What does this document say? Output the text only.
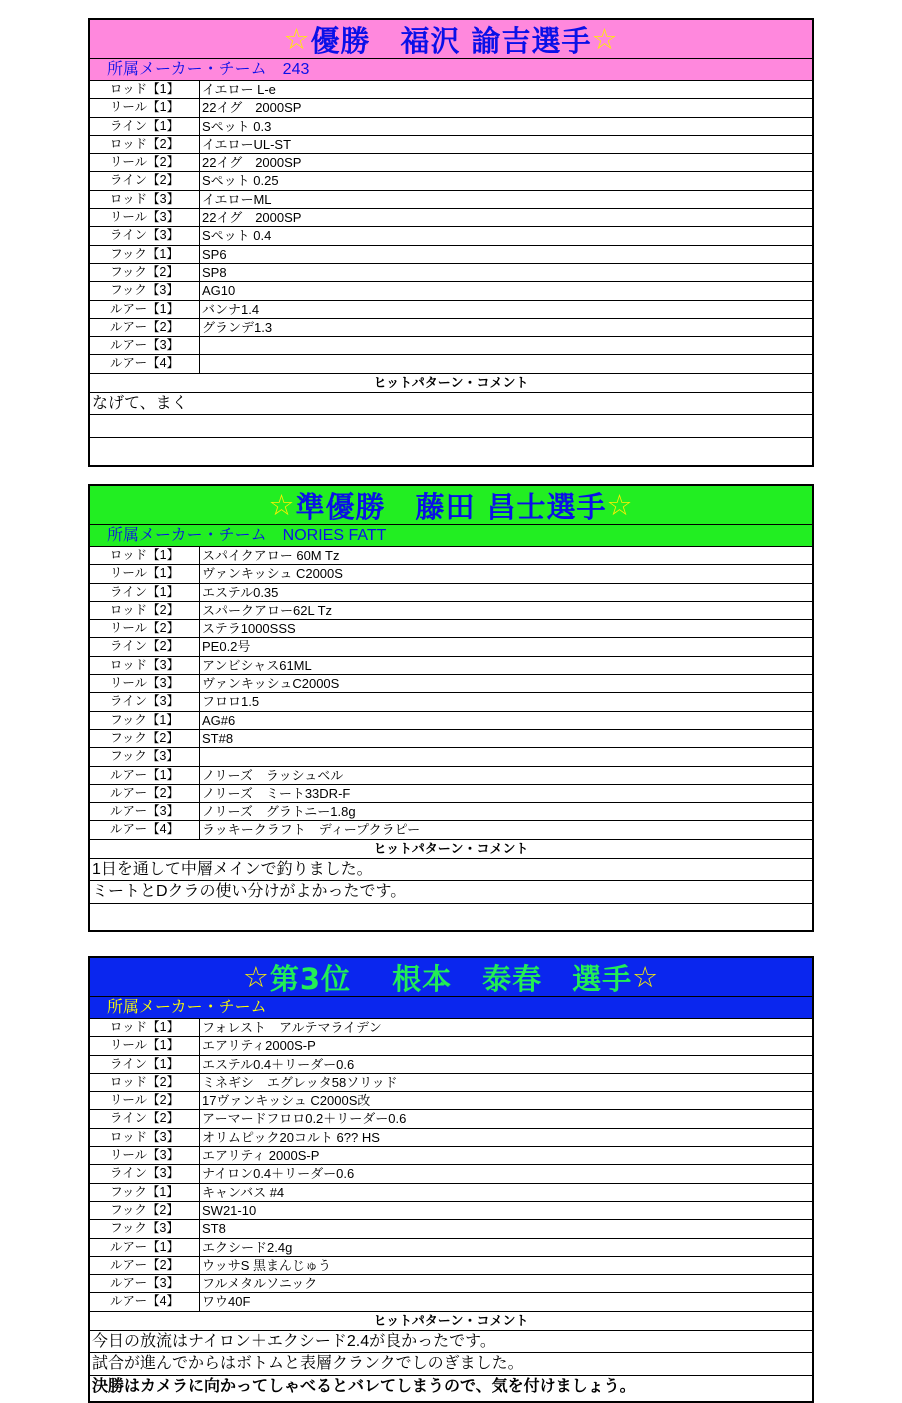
☆ 優勝　福沢 諭吉選手 ☆
所属メーカー・チーム　243
ロッド【1】	イエロー L-e
リール【1】	22イグ　2000SP
ライン【1】	Sペット 0.3
ロッド【2】	イエローUL-ST
リール【2】	22イグ　2000SP
ライン【2】	Sペット 0.25
ロッド【3】	イエローML
リール【3】	22イグ　2000SP
ライン【3】	Sペット 0.4
フック【1】	SP6
フック【2】	SP8
フック【3】	AG10
ルアー【1】	バンナ1.4
ルアー【2】	グランデ1.3
ルアー【3】
ルアー【4】
ヒットパターン・コメント
なげて、まく
☆ 準優勝　藤田 昌士選手 ☆
所属メーカー・チーム　NORIES FATT
ロッド【1】	スパイクアロー 60M Tz
リール【1】	ヴァンキッシュ C2000S
ライン【1】	エステル0.35
ロッド【2】	スパークアロー62L Tz
リール【2】	ステラ1000SSS
ライン【2】	PE0.2号
ロッド【3】	アンビシャス61ML
リール【3】	ヴァンキッシュC2000S
ライン【3】	フロロ1.5
フック【1】	AG#6
フック【2】	ST#8
フック【3】
ルアー【1】	ノリーズ　ラッシュベル
ルアー【2】	ノリーズ　ミート33DR-F
ルアー【3】	ノリーズ　グラトニー1.8g
ルアー【4】	ラッキークラフト　ディープクラピー
ヒットパターン・コメント
1日を通して中層メインで釣りました。
ミートとDクラの使い分けがよかったです。
☆ 第3位　 根本　泰春　選手 ☆
所属メーカー・チーム
ロッド【1】	フォレスト　アルテマライデン
リール【1】	エアリティ2000S-P
ライン【1】	エステル0.4＋リーダー0.6
ロッド【2】	ミネギシ　エグレッタ58ソリッド
リール【2】	17ヴァンキッシュ C2000S改
ライン【2】	アーマードフロロ0.2＋リーダー0.6
ロッド【3】	オリムピック20コルト 6?? HS
リール【3】	エアリティ 2000S-P
ライン【3】	ナイロン0.4＋リーダー0.6
フック【1】	キャンバス #4
フック【2】	SW21-10
フック【3】	ST8
ルアー【1】	エクシード2.4g
ルアー【2】	ウッサS 黒まんじゅう
ルアー【3】	フルメタルソニック
ルアー【4】	ワウ40F
ヒットパターン・コメント
今日の放流はナイロン＋エクシード2.4が良かったです。
試合が進んでからはボトムと表層クランクでしのぎました。
決勝はカメラに向かってしゃべるとバレてしまうので、気を付けましょう。
